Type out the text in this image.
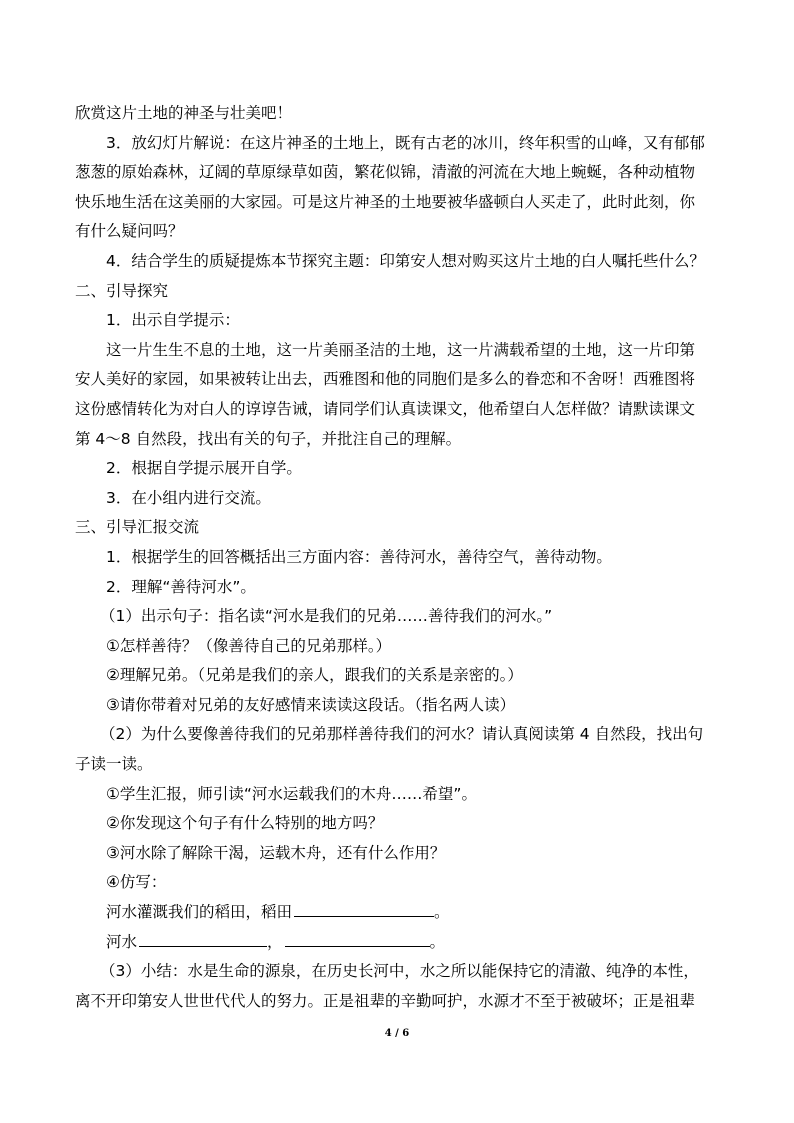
欣赏这片土地的神圣与壮美吧！
3．放幻灯片解说：在这片神圣的土地上，既有古老的冰川，终年积雪的山峰，又有郁郁
葱葱的原始森林，辽阔的草原绿草如茵，繁花似锦，清澈的河流在大地上蜿蜒，各种动植物
快乐地生活在这美丽的大家园。可是这片神圣的土地要被华盛顿白人买走了，此时此刻，你
有什么疑问吗？
4．结合学生的质疑提炼本节探究主题：印第安人想对购买这片土地的白人嘱托些什么？
二、引导探究
1．出示自学提示：
这一片生生不息的土地，这一片美丽圣洁的土地，这一片满载希望的土地，这一片印第
安人美好的家园，如果被转让出去，西雅图和他的同胞们是多么的眷恋和不舍呀！西雅图将
这份感情转化为对白人的谆谆告诫，请同学们认真读课文，他希望白人怎样做？请默读课文
第 4～8 自然段，找出有关的句子，并批注自己的理解。
2．根据自学提示展开自学。
3．在小组内进行交流。
三、引导汇报交流
1．根据学生的回答概括出三方面内容：善待河水，善待空气，善待动物。
2．理解“善待河水”。
（1）出示句子：指名读“河水是我们的兄弟……善待我们的河水。”
①怎样善待？（像善待自己的兄弟那样。）
②理解兄弟。（兄弟是我们的亲人，跟我们的关系是亲密的。）
③请你带着对兄弟的友好感情来读读这段话。（指名两人读）
（2）为什么要像善待我们的兄弟那样善待我们的河水？请认真阅读第 4 自然段，找出句
子读一读。
①学生汇报，师引读“河水运载我们的木舟……希望”。
②你发现这个句子有什么特别的地方吗？
③河水除了解除干渴，运载木舟，还有什么作用？
④仿写：
河水灌溉我们的稻田，稻田	。
河水	，	。
（3）小结：水是生命的源泉，在历史长河中，水之所以能保持它的清澈、纯净的本性，
离不开印第安人世世代代人的努力。正是祖辈的辛勤呵护，水源才不至于被破坏；正是祖辈
4 / 6
